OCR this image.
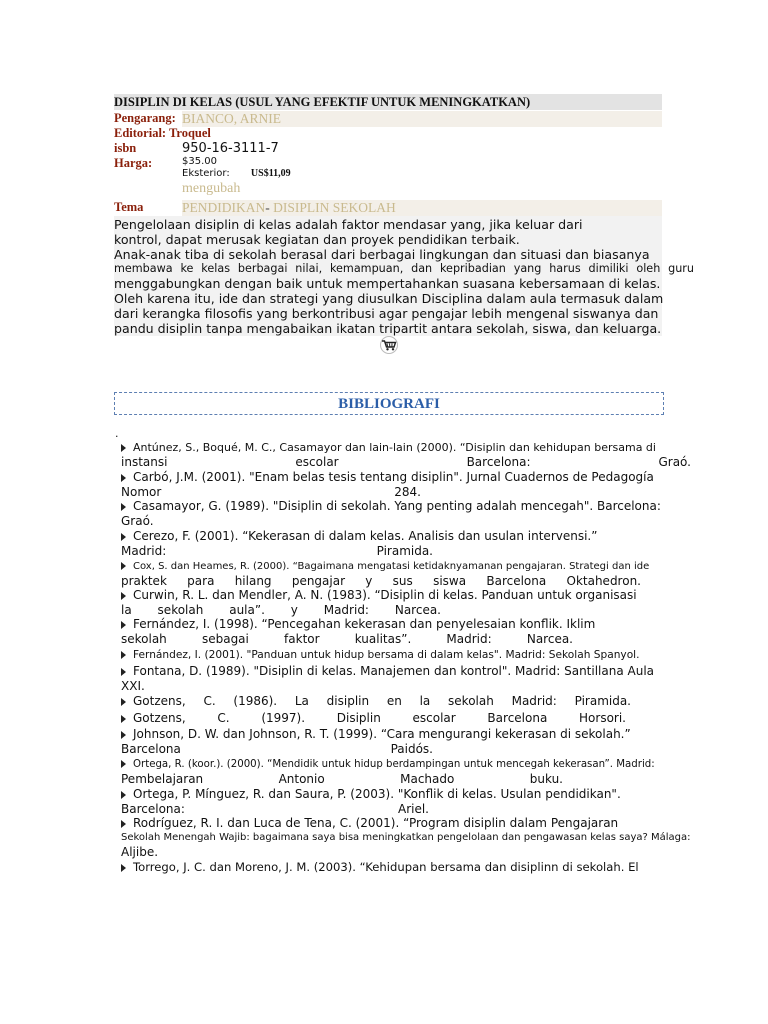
DISIPLIN DI KELAS (USUL YANG EFEKTIF UNTUK MENINGKATKAN)
Pengarang: BIANCO, ARNIE
Editorial: Troquel
isbn	950-16-3111-7
Harga:	$35.00
Eksterior: US$11,09
mengubah
Tema	PENDIDIKAN- DISIPLIN SEKOLAH
Pengelolaan disiplin di kelas adalah faktor mendasar yang, jika keluar dari
kontrol, dapat merusak kegiatan dan proyek pendidikan terbaik.
Anak-anak tiba di sekolah berasal dari berbagai lingkungan dan situasi dan biasanya
membawa ke kelas berbagai nilai, kemampuan, dan kepribadian yang harus dimiliki oleh guru
menggabungkan dengan baik untuk mempertahankan suasana kebersamaan di kelas.
Oleh karena itu, ide dan strategi yang diusulkan Disciplina dalam aula termasuk dalam
dari kerangka filosofis yang berkontribusi agar pengajar lebih mengenal siswanya dan
pandu disiplin tanpa mengabaikan ikatan tripartit antara sekolah, siswa, dan keluarga.
BIBLIOGRAFI
.
Antúnez, S., Boqué, M. C., Casamayor dan lain-lain (2000). “Disiplin dan kehidupan bersama di
instansi escolar Barcelona: Graó.
Carbó, J.M. (2001). "Enam belas tesis tentang disiplin". Jurnal Cuadernos de Pedagogía
Nomor 284.
Casamayor, G. (1989). "Disiplin di sekolah. Yang penting adalah mencegah". Barcelona:
Graó.
Cerezo, F. (2001). “Kekerasan di dalam kelas. Analisis dan usulan intervensi.”
Madrid: Piramida.
Cox, S. dan Heames, R. (2000). “Bagaimana mengatasi ketidaknyamanan pengajaran. Strategi dan ide
praktek para hilang pengajar y sus siswa Barcelona Oktahedron.
Curwin, R. L. dan Mendler, A. N. (1983). “Disiplin di kelas. Panduan untuk organisasi
la sekolah aula”. y Madrid: Narcea.
Fernández, I. (1998). “Pencegahan kekerasan dan penyelesaian konflik. Iklim
sekolah sebagai faktor kualitas”. Madrid: Narcea.
Fernández, I. (2001). "Panduan untuk hidup bersama di dalam kelas". Madrid: Sekolah Spanyol.
Fontana, D. (1989). "Disiplin di kelas. Manajemen dan kontrol". Madrid: Santillana Aula
XXI.
Gotzens, C. (1986). La disiplin en la sekolah Madrid: Piramida.
Gotzens, C. (1997). Disiplin escolar Barcelona Horsori.
Johnson, D. W. dan Johnson, R. T. (1999). “Cara mengurangi kekerasan di sekolah.”
Barcelona Paidós.
Ortega, R. (koor.). (2000). “Mendidik untuk hidup berdampingan untuk mencegah kekerasan”. Madrid:
Pembelajaran Antonio Machado buku.
Ortega, P. Mínguez, R. dan Saura, P. (2003). "Konflik di kelas. Usulan pendidikan".
Barcelona: Ariel.
Rodríguez, R. I. dan Luca de Tena, C. (2001). “Program disiplin dalam Pengajaran
Sekolah Menengah Wajib: bagaimana saya bisa meningkatkan pengelolaan dan pengawasan kelas saya? Málaga:
Aljibe.
Torrego, J. C. dan Moreno, J. M. (2003). “Kehidupan bersama dan disiplinn di sekolah. El
